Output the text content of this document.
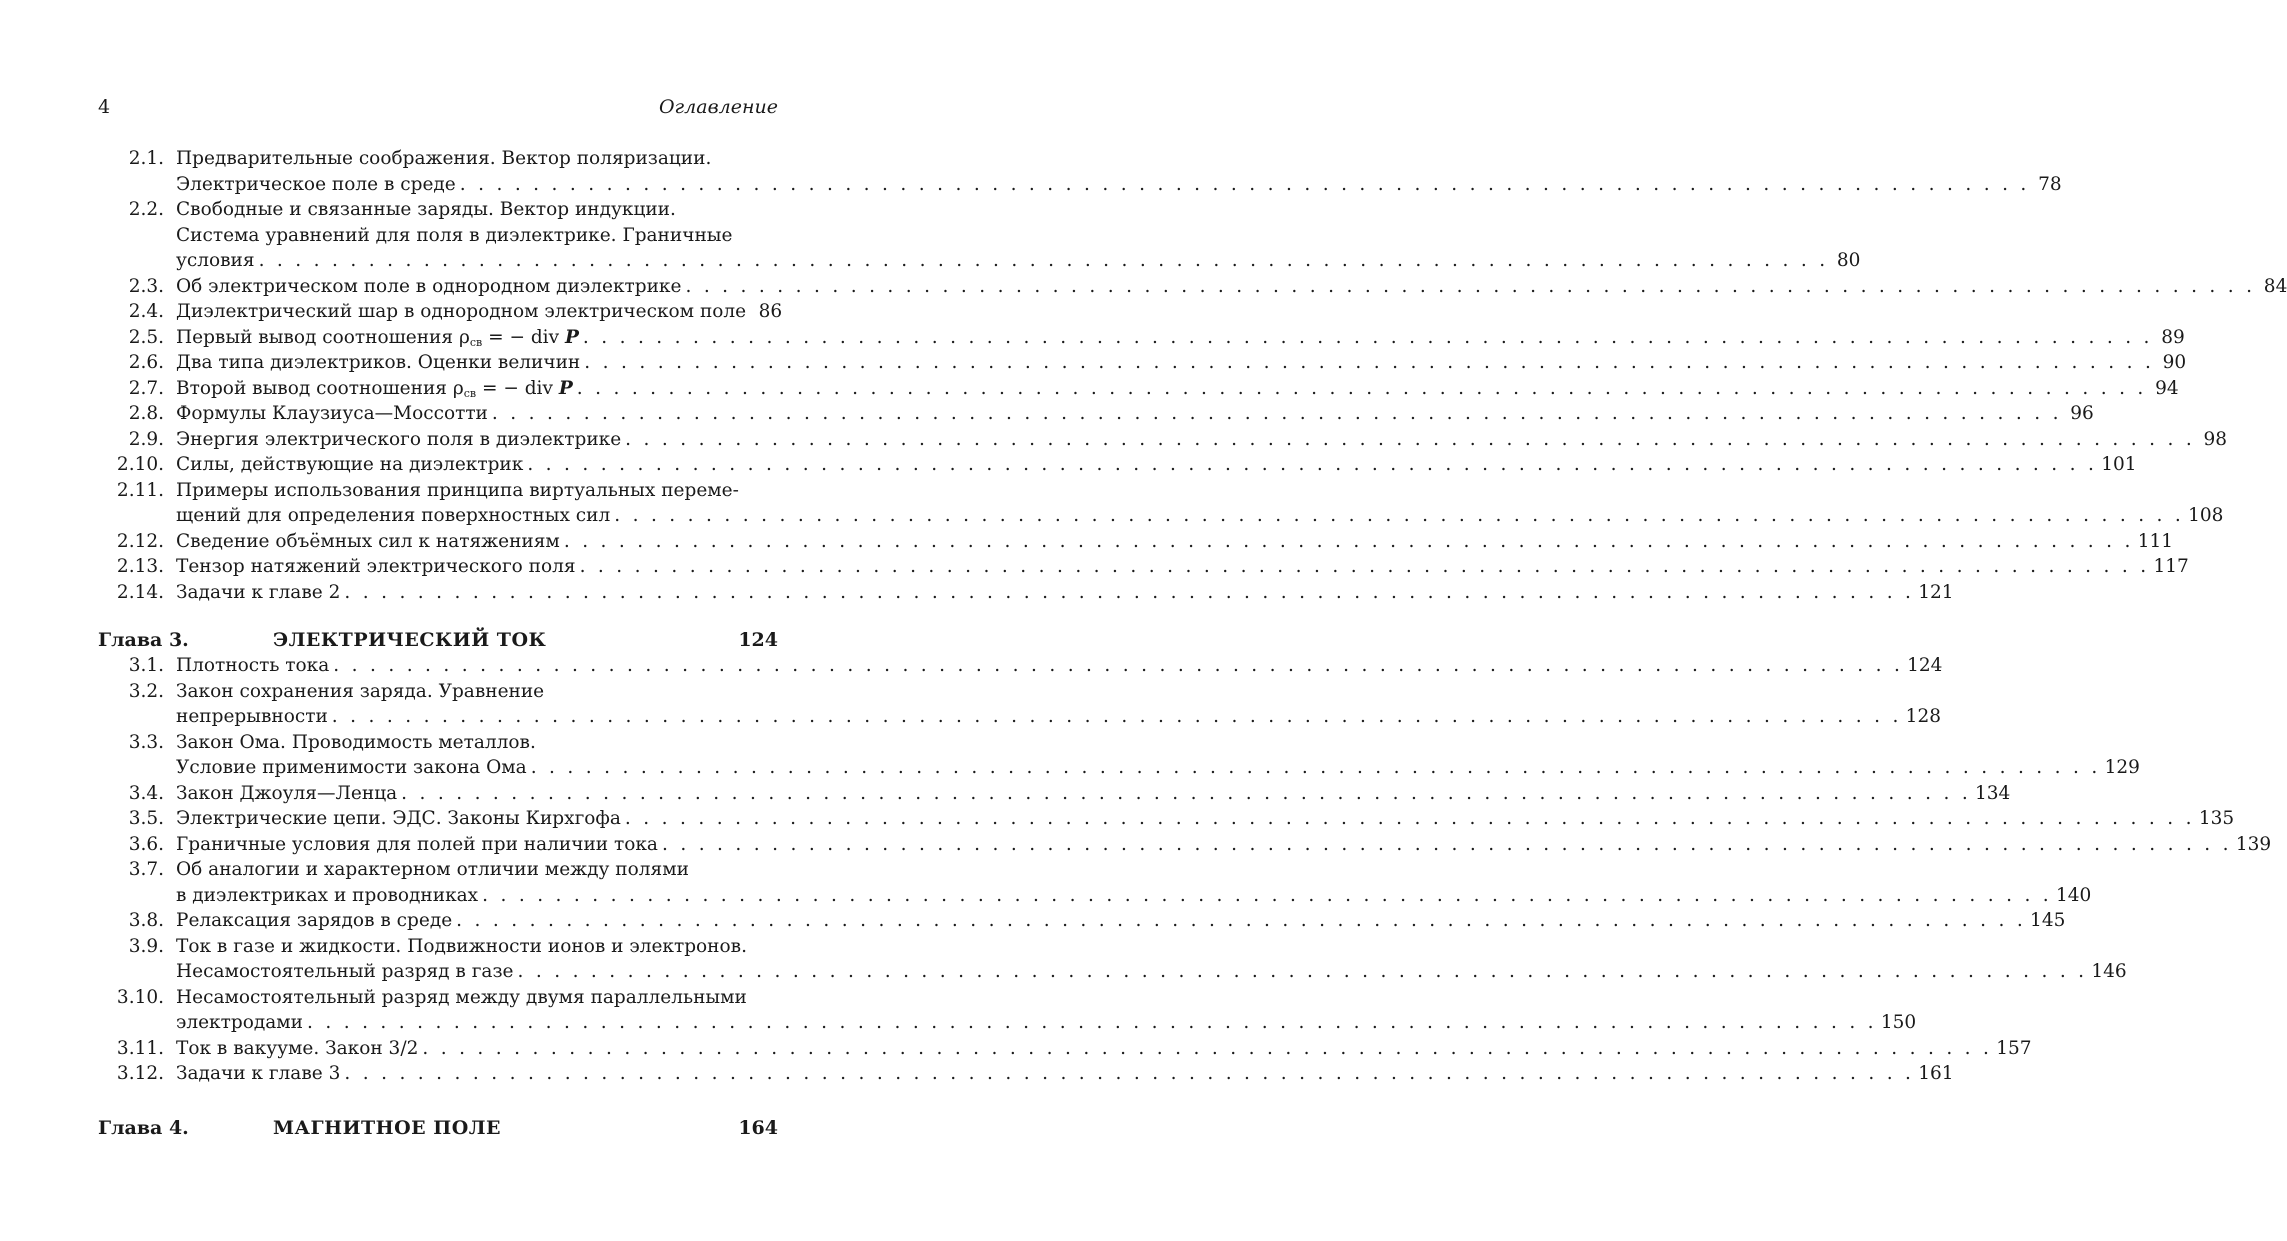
4	Оглавление
2.1. Предварительные соображения. Вектор поляризации.
Электрическое поле в среде . . .	78
2.2. Свободные и связанные заряды. Вектор индукции.
Система уравнений для поля в диэлектрике. Граничные
условия . . .	80
2.3. Об электрическом поле в однородном диэлектрике . . .	84
2.4. Диэлектрический шар в однородном электрическом поле 86
2.5. Первый вывод соотношения $\rho_{св}$ = − div P . . .	89
2.6. Два типа диэлектриков. Оценки величин . . .	90
2.7. Второй вывод соотношения $\rho_{св}$ = − div P . . .	94
2.8. Формулы Клаузиуса—Моссотти . . .	96
2.9. Энергия электрического поля в диэлектрике . . .	98
2.10. Силы, действующие на диэлектрик . . .	101
2.11. Примеры использования принципа виртуальных переме-
щений для определения поверхностных сил . . .	108
2.12. Сведение объёмных сил к натяжениям . . .	111
2.13. Тензор натяжений электрического поля . . .	117
2.14. Задачи к главе 2 . . .	121
Глава 3.	ЭЛЕКТРИЧЕСКИЙ ТОК	124
3.1. Плотность тока . . .	124
3.2. Закон сохранения заряда. Уравнение
непрерывности . . .	128
3.3. Закон Ома. Проводимость металлов.
Условие применимости закона Ома . . .	129
3.4. Закон Джоуля—Ленца . . .	134
3.5. Электрические цепи. ЭДС. Законы Кирхгофа . . .	135
3.6. Граничные условия для полей при наличии тока . . .	139
3.7. Об аналогии и характерном отличии между полями
в диэлектриках и проводниках . . .	140
3.8. Релаксация зарядов в среде . . .	145
3.9. Ток в газе и жидкости. Подвижности ионов и электронов.
Несамостоятельный разряд в газе . . .	146
3.10. Несамостоятельный разряд между двумя параллельными
электродами . . .	150
3.11. Ток в вакууме. Закон 3/2 . . .	157
3.12. Задачи к главе 3 . . .	161
Глава 4.	МАГНИТНОЕ ПОЛЕ	164
